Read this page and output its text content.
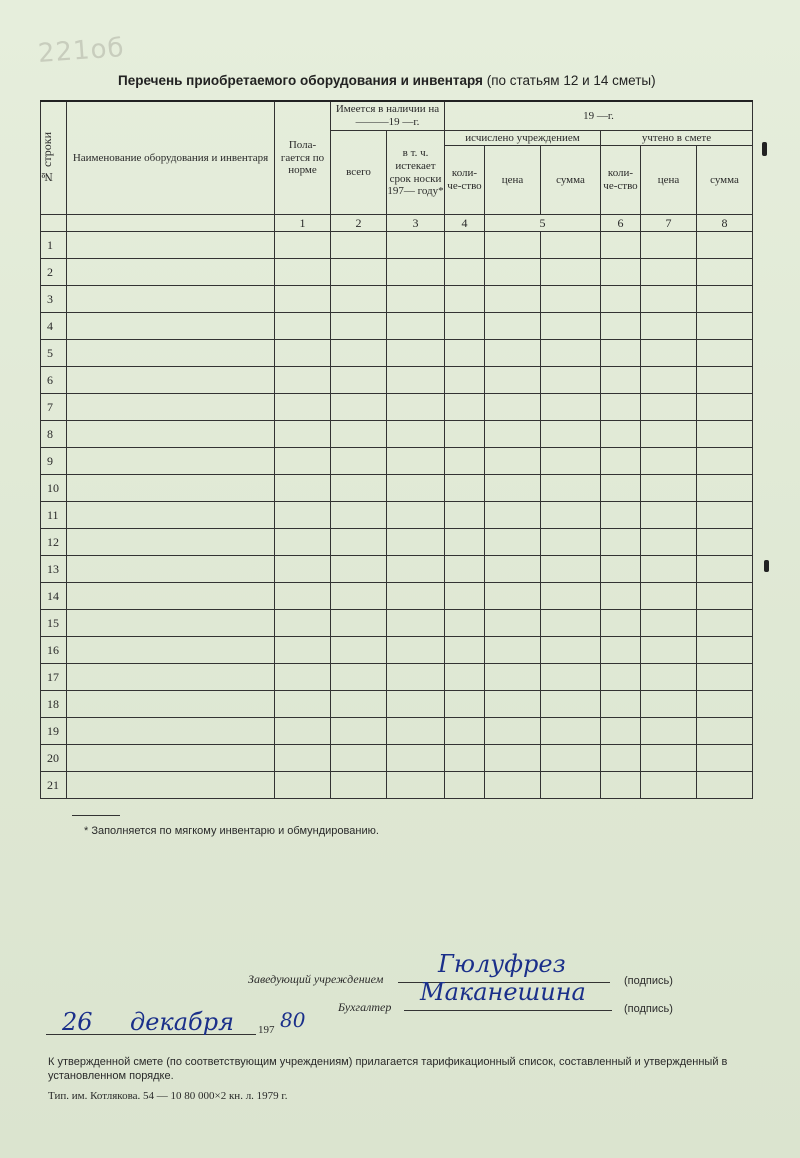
221об
Перечень приобретаемого оборудования и инвентаря (по статьям 12 и 14 сметы)
№ строки	Наименование оборудования и инвентаря	Пола-гается по норме	Имеется в наличии на———19 —г.		19 —г.					
			всего	в т. ч. истекает срок носки 197— году*	исчислено учреждением			учтено в смете		
					коли-че-ство	цена	сумма	коли-че-ство	цена	сумма
		1	2	3	4	5		6	7	8
1										
2										
3										
4										
5										
6										
7										
8										
9										
10										
11										
12										
13										
14										
15										
16										
17										
18										
19										
20										
21										
* Заполняется по мягкому инвентарю и обмундированию.
Заведующий учреждением
Гюлуфрез
(подпись)
Бухгалтер
Маканешина
(подпись)
26 декабря 197 80
К утвержденной смете (по соответствующим учреждениям) прилагается тарификационный список, составленный и утвержденный в установленном порядке.
Тип. им. Котлякова. 54 — 10 80 000×2 кн. л. 1979 г.
